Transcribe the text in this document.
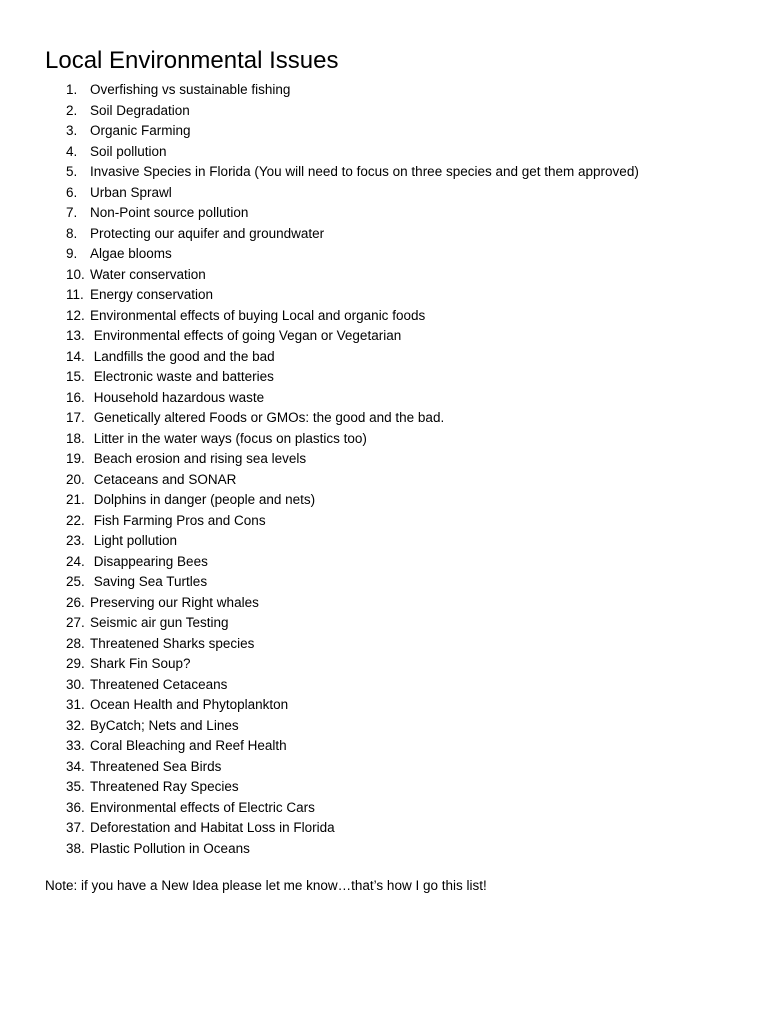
Local Environmental Issues
1. Overfishing vs sustainable fishing
2. Soil Degradation
3. Organic Farming
4. Soil pollution
5. Invasive Species in Florida (You will need to focus on three species and get them approved)
6. Urban Sprawl
7. Non-Point source pollution
8. Protecting our aquifer and groundwater
9. Algae blooms
10. Water conservation
11. Energy conservation
12. Environmental effects of buying Local and organic foods
13. Environmental effects of going Vegan or Vegetarian
14. Landfills the good and the bad
15. Electronic waste and batteries
16. Household hazardous waste
17. Genetically altered Foods or GMOs: the good and the bad.
18. Litter in the water ways (focus on plastics too)
19. Beach erosion and rising sea levels
20. Cetaceans and SONAR
21. Dolphins in danger (people and nets)
22. Fish Farming Pros and Cons
23. Light pollution
24. Disappearing Bees
25. Saving Sea Turtles
26. Preserving our Right whales
27. Seismic air gun Testing
28. Threatened Sharks species
29. Shark Fin Soup?
30. Threatened Cetaceans
31. Ocean Health and Phytoplankton
32. ByCatch; Nets and Lines
33. Coral Bleaching and Reef Health
34. Threatened Sea Birds
35. Threatened Ray Species
36. Environmental effects of Electric Cars
37. Deforestation and Habitat Loss in Florida
38. Plastic Pollution in Oceans

Note: if you have a New Idea please let me know…that’s how I go this list!
